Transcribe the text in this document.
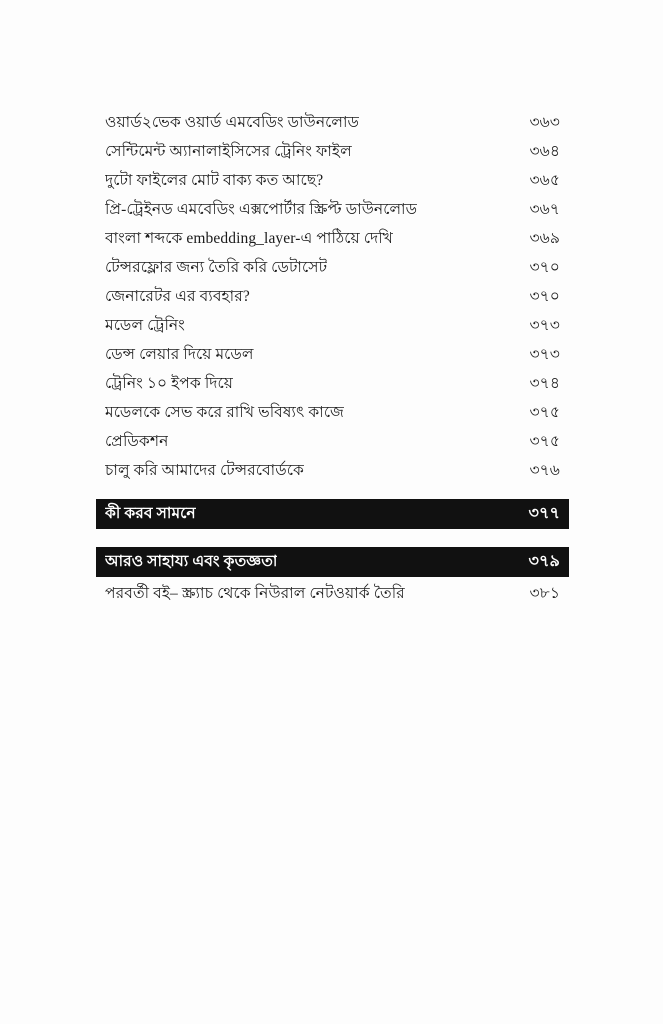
ওয়ার্ড২ভেক ওয়ার্ড এমবেডিং ডাউনলোড	৩৬৩
সেন্টিমেন্ট অ্যানালাইসিসের ট্রেনিং ফাইল	৩৬৪
দুটো ফাইলের মোট বাক্য কত আছে?	৩৬৫
প্রি-ট্রেইনড এমবেডিং এক্সপোর্টার স্ক্রিপ্ট ডাউনলোড	৩৬৭
বাংলা শব্দকে embedding_layer-এ পাঠিয়ে দেখি	৩৬৯
টেন্সরফ্লোর জন্য তৈরি করি ডেটাসেট	৩৭০
জেনারেটর এর ব্যবহার?	৩৭০
মডেল ট্রেনিং	৩৭৩
ডেন্স লেয়ার দিয়ে মডেল	৩৭৩
ট্রেনিং ১০ ইপক দিয়ে	৩৭৪
মডেলকে সেভ করে রাখি ভবিষ্যৎ কাজে	৩৭৫
প্রেডিকশন	৩৭৫
চালু করি আমাদের টেন্সরবোর্ডকে	৩৭৬
কী করব সামনে	৩৭৭
আরও সাহায্য এবং কৃতজ্ঞতা	৩৭৯
পরবর্তী বই– স্ক্র্যাচ থেকে নিউরাল নেটওয়ার্ক তৈরি	৩৮১
